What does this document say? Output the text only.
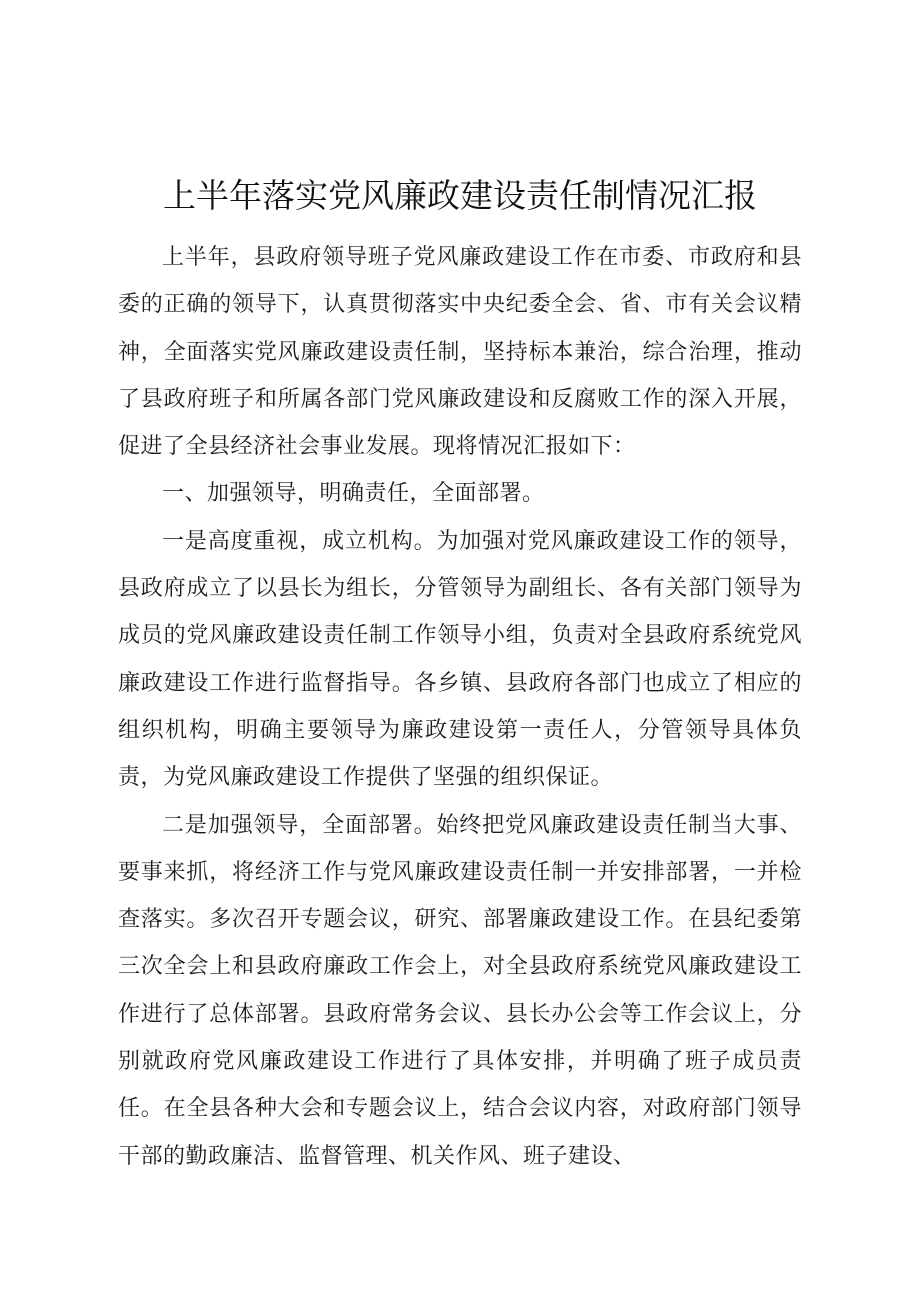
上半年落实党风廉政建设责任制情况汇报

上半年，县政府领导班子党风廉政建设工作在市委、市政府和县委的正确的领导下，认真贯彻落实中央纪委全会、省、市有关会议精神，全面落实党风廉政建设责任制，坚持标本兼治，综合治理，推动了县政府班子和所属各部门党风廉政建设和反腐败工作的深入开展，促进了全县经济社会事业发展。现将情况汇报如下：

一、加强领导，明确责任，全面部署。

一是高度重视，成立机构。为加强对党风廉政建设工作的领导，县政府成立了以县长为组长，分管领导为副组长、各有关部门领导为成员的党风廉政建设责任制工作领导小组，负责对全县政府系统党风廉政建设工作进行监督指导。各乡镇、县政府各部门也成立了相应的组织机构，明确主要领导为廉政建设第一责任人，分管领导具体负责，为党风廉政建设工作提供了坚强的组织保证。

二是加强领导，全面部署。始终把党风廉政建设责任制当大事、要事来抓，将经济工作与党风廉政建设责任制一并安排部署，一并检查落实。多次召开专题会议，研究、部署廉政建设工作。在县纪委第三次全会上和县政府廉政工作会上，对全县政府系统党风廉政建设工作进行了总体部署。县政府常务会议、县长办公会等工作会议上，分别就政府党风廉政建设工作进行了具体安排，并明确了班子成员责任。在全县各种大会和专题会议上，结合会议内容，对政府部门领导干部的勤政廉洁、监督管理、机关作风、班子建设、
